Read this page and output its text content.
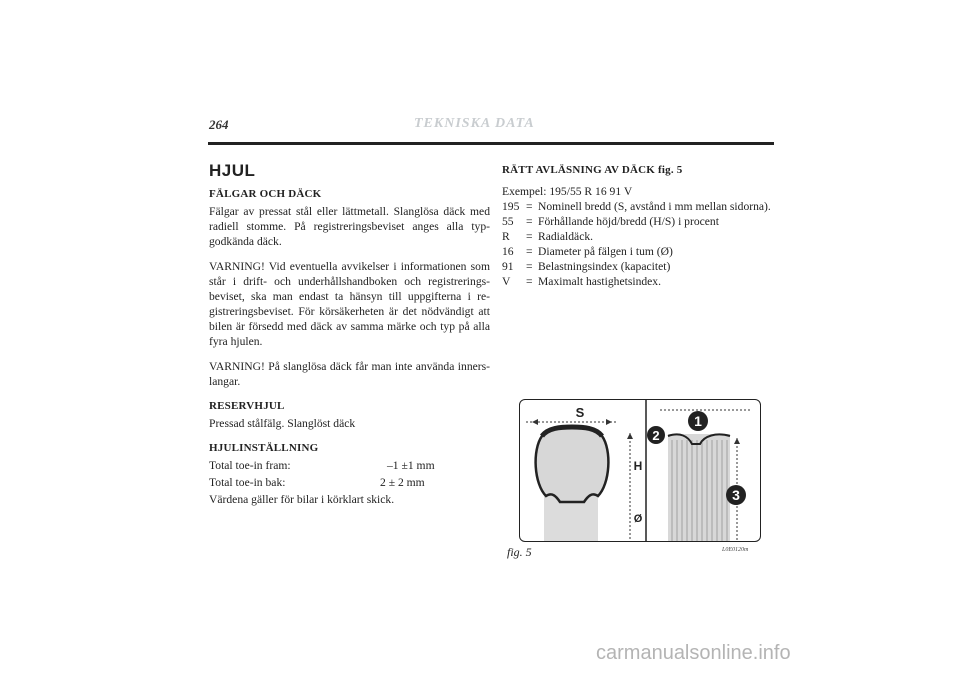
264	TEKNISKA DATA
HJUL
FÄLGAR OCH DÄCK

Fälgar av pressat stål eller lättmetall. Slanglösa däck med radiell stomme. På registreringsbeviset anges alla typ-godkända däck.

VARNING! Vid eventuella avvikelser i informationen som står i drift- och underhållshandboken och registrerings-beviset, ska man endast ta hänsyn till uppgifterna i re-gistreringsbeviset. För körsäkerheten är det nödvändigt att bilen är försedd med däck av samma märke och typ på alla fyra hjulen.

VARNING! På slanglösa däck får man inte använda inners-langar.

RESERVHJUL

Pressad stålfälg. Slanglöst däck

HJULINSTÄLLNING
Total toe-in fram:	–1 ±1 mm
Total toe-in bak:	2 ± 2 mm
Värdena gäller för bilar i körklart skick.
RÄTT AVLÄSNING AV DÄCK fig. 5
Exempel: 195/55 R 16 91 V
195 = Nominell bredd (S, avstånd i mm mellan sidorna).
55	= Förhållande höjd/bredd (H/S) i procent
R	= Radialdäck.
16	= Diameter på fälgen i tum (Ø)
91	= Belastningsindex (kapacitet)
V	= Maximalt hastighetsindex.
S
H
Ø
1
2
3
fig. 5	L0E0120m
carmanualsonline.info
